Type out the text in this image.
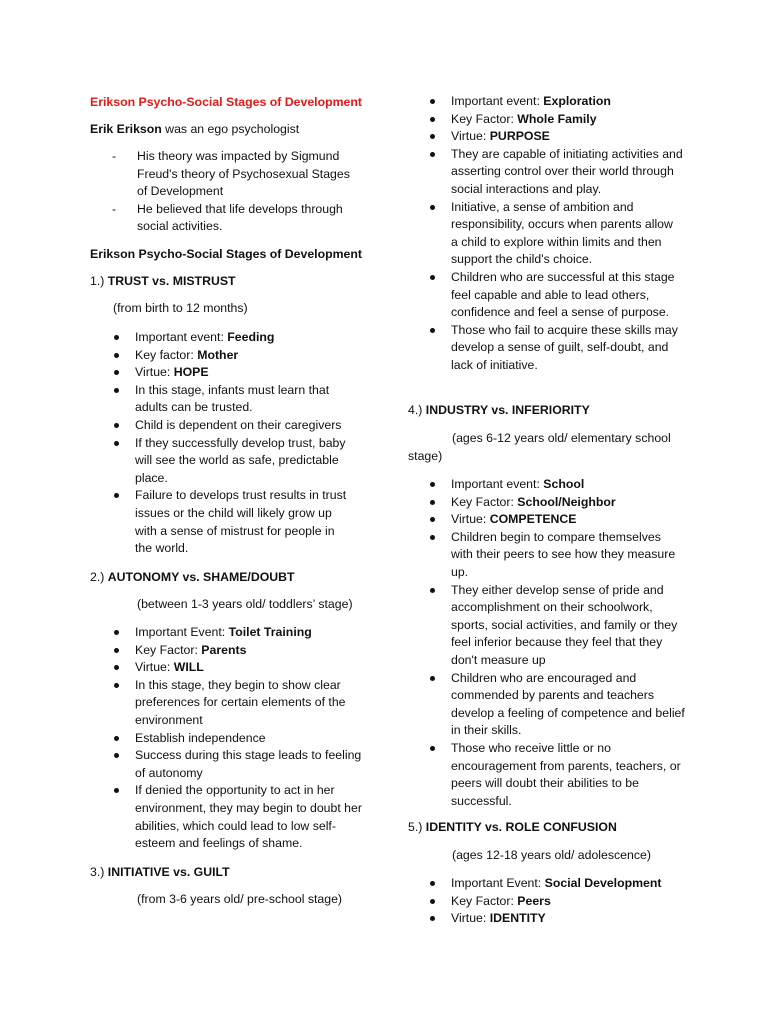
Erikson Psycho-Social Stages of Development
Erik Erikson was an ego psychologist
- His theory was impacted by Sigmund Freud's theory of Psychosexual Stages of Development
- He believed that life develops through social activities.
Erikson Psycho-Social Stages of Development
1.) TRUST vs. MISTRUST
(from birth to 12 months)
Important event: Feeding
Key factor: Mother
Virtue: HOPE
In this stage, infants must learn that adults can be trusted.
Child is dependent on their caregivers
If they successfully develop trust, baby will see the world as safe, predictable place.
Failure to develops trust results in trust issues or the child will likely grow up with a sense of mistrust for people in the world.
2.) AUTONOMY vs. SHAME/DOUBT
(between 1-3 years old/ toddlers’ stage)
Important Event: Toilet Training
Key Factor: Parents
Virtue: WILL
In this stage, they begin to show clear preferences for certain elements of the environment
Establish independence
Success during this stage leads to feeling of autonomy
If denied the opportunity to act in her environment, they may begin to doubt her abilities, which could lead to low self-esteem and feelings of shame.
3.) INITIATIVE vs. GUILT
(from 3-6 years old/ pre-school stage)
Important event: Exploration
Key Factor: Whole Family
Virtue: PURPOSE
They are capable of initiating activities and asserting control over their world through social interactions and play.
Initiative, a sense of ambition and responsibility, occurs when parents allow a child to explore within limits and then support the child's choice.
Children who are successful at this stage feel capable and able to lead others, confidence and feel a sense of purpose.
Those who fail to acquire these skills may develop a sense of guilt, self-doubt, and lack of initiative.
4.) INDUSTRY vs. INFERIORITY
(ages 6-12 years old/ elementary school stage)
Important event: School
Key Factor: School/Neighbor
Virtue: COMPETENCE
Children begin to compare themselves with their peers to see how they measure up.
They either develop sense of pride and accomplishment on their schoolwork, sports, social activities, and family or they feel inferior because they feel that they don't measure up
Children who are encouraged and commended by parents and teachers develop a feeling of competence and belief in their skills.
Those who receive little or no encouragement from parents, teachers, or peers will doubt their abilities to be successful.
5.) IDENTITY vs. ROLE CONFUSION
(ages 12-18 years old/ adolescence)
Important Event: Social Development
Key Factor: Peers
Virtue: IDENTITY
